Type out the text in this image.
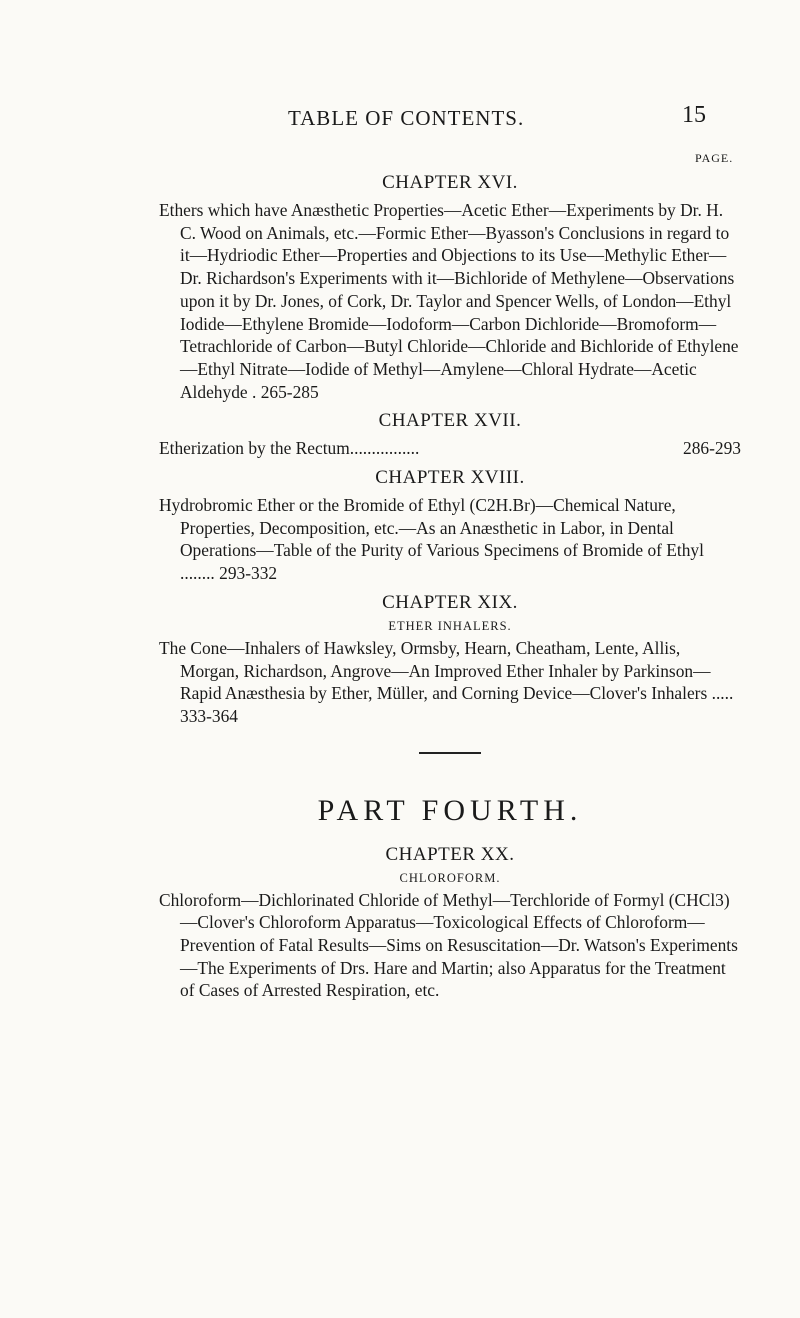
TABLE OF CONTENTS.	15
PAGE.
CHAPTER XVI.
Ethers which have Anæsthetic Properties—Acetic Ether—Experiments by Dr. H. C. Wood on Animals, etc.—Formic Ether—Byasson's Conclusions in regard to it—Hydriodic Ether—Properties and Objections to its Use—Methylic Ether—Dr. Richardson's Experiments with it—Bichloride of Methylene—Observations upon it by Dr. Jones, of Cork, Dr. Taylor and Spencer Wells, of London—Ethyl Iodide—Ethylene Bromide—Iodoform—Carbon Dichloride—Bromoform—Tetrachloride of Carbon—Butyl Chloride—Chloride and Bichloride of Ethylene—Ethyl Nitrate—Iodide of Methyl—Amylene—Chloral Hydrate—Acetic Aldehyde . 265-285
CHAPTER XVII.
Etherization by the Rectum ................	286-293
CHAPTER XVIII.
Hydrobromic Ether or the Bromide of Ethyl (C2H.Br)—Chemical Nature, Properties, Decomposition, etc.—As an Anæsthetic in Labor, in Dental Operations—Table of the Purity of Various Specimens of Bromide of Ethyl ........ 293-332
CHAPTER XIX.
ETHER INHALERS.
The Cone—Inhalers of Hawksley, Ormsby, Hearn, Cheatham, Lente, Allis, Morgan, Richardson, Angrove—An Improved Ether Inhaler by Parkinson—Rapid Anæsthesia by Ether, Müller, and Corning Device—Clover's Inhalers ..... 333-364
PART FOURTH.
CHAPTER XX.
CHLOROFORM.
Chloroform—Dichlorinated Chloride of Methyl—Terchloride of Formyl (CHCl3)—Clover's Chloroform Apparatus—Toxicological Effects of Chloroform—Prevention of Fatal Results—Sims on Resuscitation—Dr. Watson's Experiments—The Experiments of Drs. Hare and Martin; also Apparatus for the Treatment of Cases of Arrested Respiration, etc.
